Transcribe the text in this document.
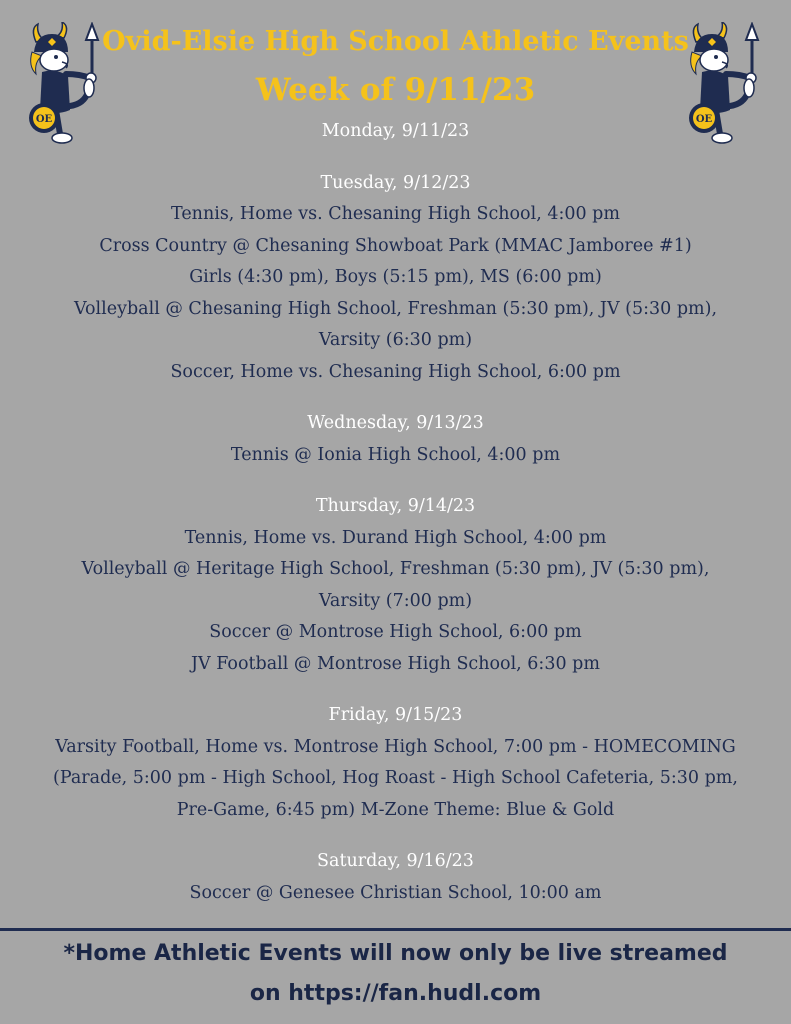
OE	OE
Ovid-Elsie High School Athletic Events
Week of 9/11/23

Monday, 9/11/23

Tuesday, 9/12/23

Tennis, Home vs. Chesaning High School, 4:00 pm

Cross Country @ Chesaning Showboat Park (MMAC Jamboree #1)

Girls (4:30 pm), Boys (5:15 pm), MS (6:00 pm)

Volleyball @ Chesaning High School, Freshman (5:30 pm), JV (5:30 pm),

Varsity (6:30 pm)

Soccer, Home vs. Chesaning High School, 6:00 pm

Wednesday, 9/13/23

Tennis @ Ionia High School, 4:00 pm

Thursday, 9/14/23

Tennis, Home vs. Durand High School, 4:00 pm

Volleyball @ Heritage High School, Freshman (5:30 pm), JV (5:30 pm),

Varsity (7:00 pm)

Soccer @ Montrose High School, 6:00 pm

JV Football @ Montrose High School, 6:30 pm

Friday, 9/15/23

Varsity Football, Home vs. Montrose High School, 7:00 pm - HOMECOMING

(Parade, 5:00 pm - High School, Hog Roast - High School Cafeteria, 5:30 pm,

Pre-Game, 6:45 pm) M-Zone Theme: Blue & Gold

Saturday, 9/16/23

Soccer @ Genesee Christian School, 10:00 am

*Home Athletic Events will now only be live streamed

on https://fan.hudl.com
